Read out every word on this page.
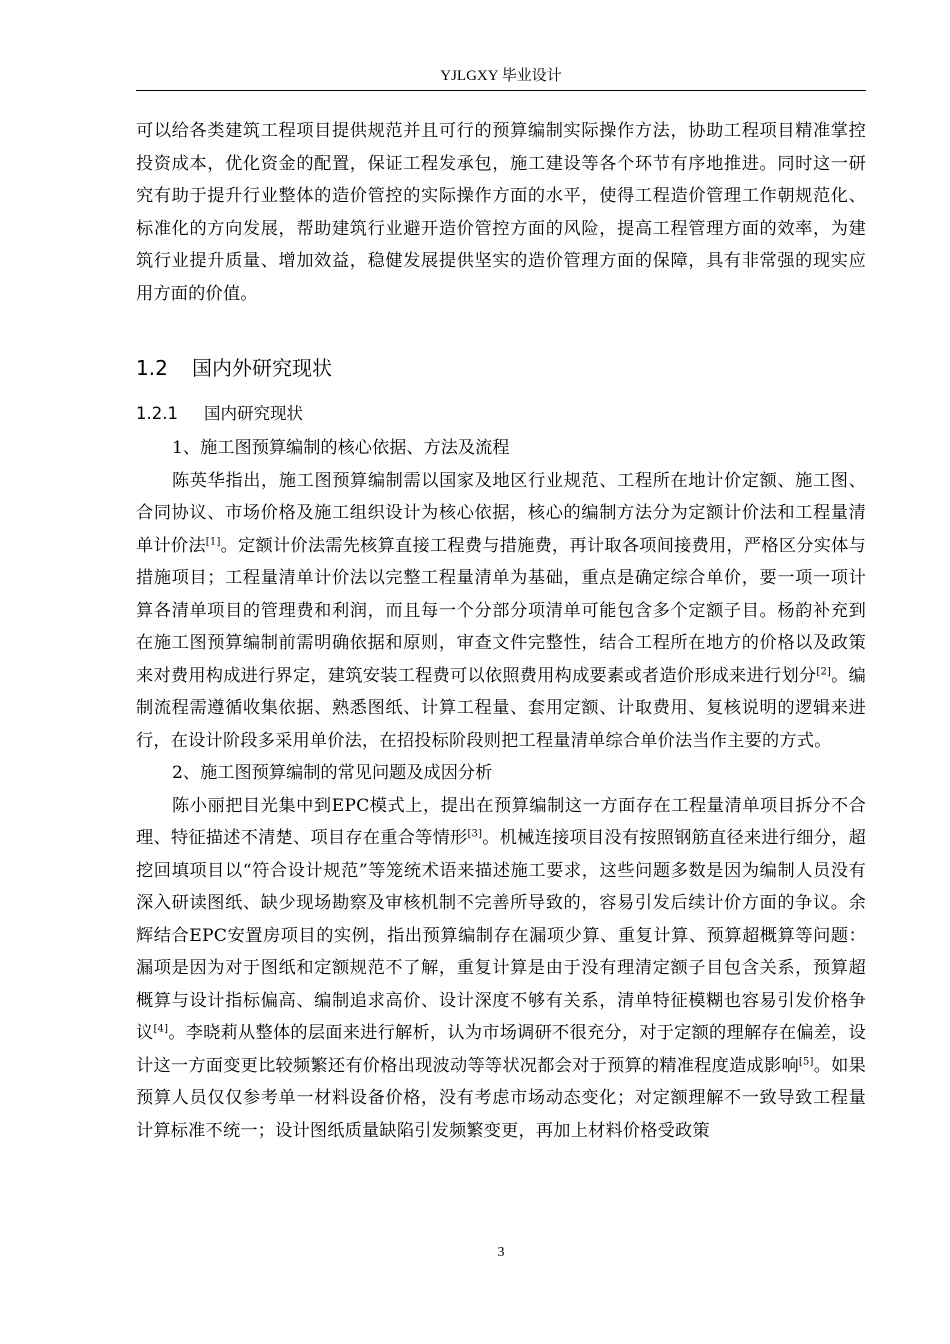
YJLGXY 毕业设计

可以给各类建筑工程项目提供规范并且可行的预算编制实际操作方法，协助工程项目精准掌控投资成本，优化资金的配置，保证工程发承包，施工建设等各个环节有序地推进。同时这一研究有助于提升行业整体的造价管控的实际操作方面的水平，使得工程造价管理工作朝规范化、标准化的方向发展，帮助建筑行业避开造价管控方面的风险，提高工程管理方面的效率，为建筑行业提升质量、增加效益，稳健发展提供坚实的造价管理方面的保障，具有非常强的现实应用方面的价值。

1.2 国内外研究现状
1.2.1 国内研究现状

1、施工图预算编制的核心依据、方法及流程

陈英华指出，施工图预算编制需以国家及地区行业规范、工程所在地计价定额、施工图、合同协议、市场价格及施工组织设计为核心依据，核心的编制方法分为定额计价法和工程量清单计价法[1]。定额计价法需先核算直接工程费与措施费，再计取各项间接费用，严格区分实体与措施项目；工程量清单计价法以完整工程量清单为基础，重点是确定综合单价，要一项一项计算各清单项目的管理费和利润，而且每一个分部分项清单可能包含多个定额子目。杨韵补充到在施工图预算编制前需明确依据和原则，审查文件完整性，结合工程所在地方的价格以及政策来对费用构成进行界定，建筑安装工程费可以依照费用构成要素或者造价形成来进行划分[2]。编制流程需遵循收集依据、熟悉图纸、计算工程量、套用定额、计取费用、复核说明的逻辑来进行，在设计阶段多采用单价法，在招投标阶段则把工程量清单综合单价法当作主要的方式。

2、施工图预算编制的常见问题及成因分析

陈小丽把目光集中到EPC模式上，提出在预算编制这一方面存在工程量清单项目拆分不合理、特征描述不清楚、项目存在重合等情形[3]。机械连接项目没有按照钢筋直径来进行细分，超挖回填项目以“符合设计规范”等笼统术语来描述施工要求，这些问题多数是因为编制人员没有深入研读图纸、缺少现场勘察及审核机制不完善所导致的，容易引发后续计价方面的争议。余辉结合EPC安置房项目的实例，指出预算编制存在漏项少算、重复计算、预算超概算等问题：漏项是因为对于图纸和定额规范不了解，重复计算是由于没有理清定额子目包含关系，预算超概算与设计指标偏高、编制追求高价、设计深度不够有关系，清单特征模糊也容易引发价格争议[4]。李晓莉从整体的层面来进行解析，认为市场调研不很充分，对于定额的理解存在偏差，设计这一方面变更比较频繁还有价格出现波动等等状况都会对于预算的精准程度造成影响[5]。如果预算人员仅仅参考单一材料设备价格，没有考虑市场动态变化；对定额理解不一致导致工程量计算标准不统一；设计图纸质量缺陷引发频繁变更，再加上材料价格受政策

3
